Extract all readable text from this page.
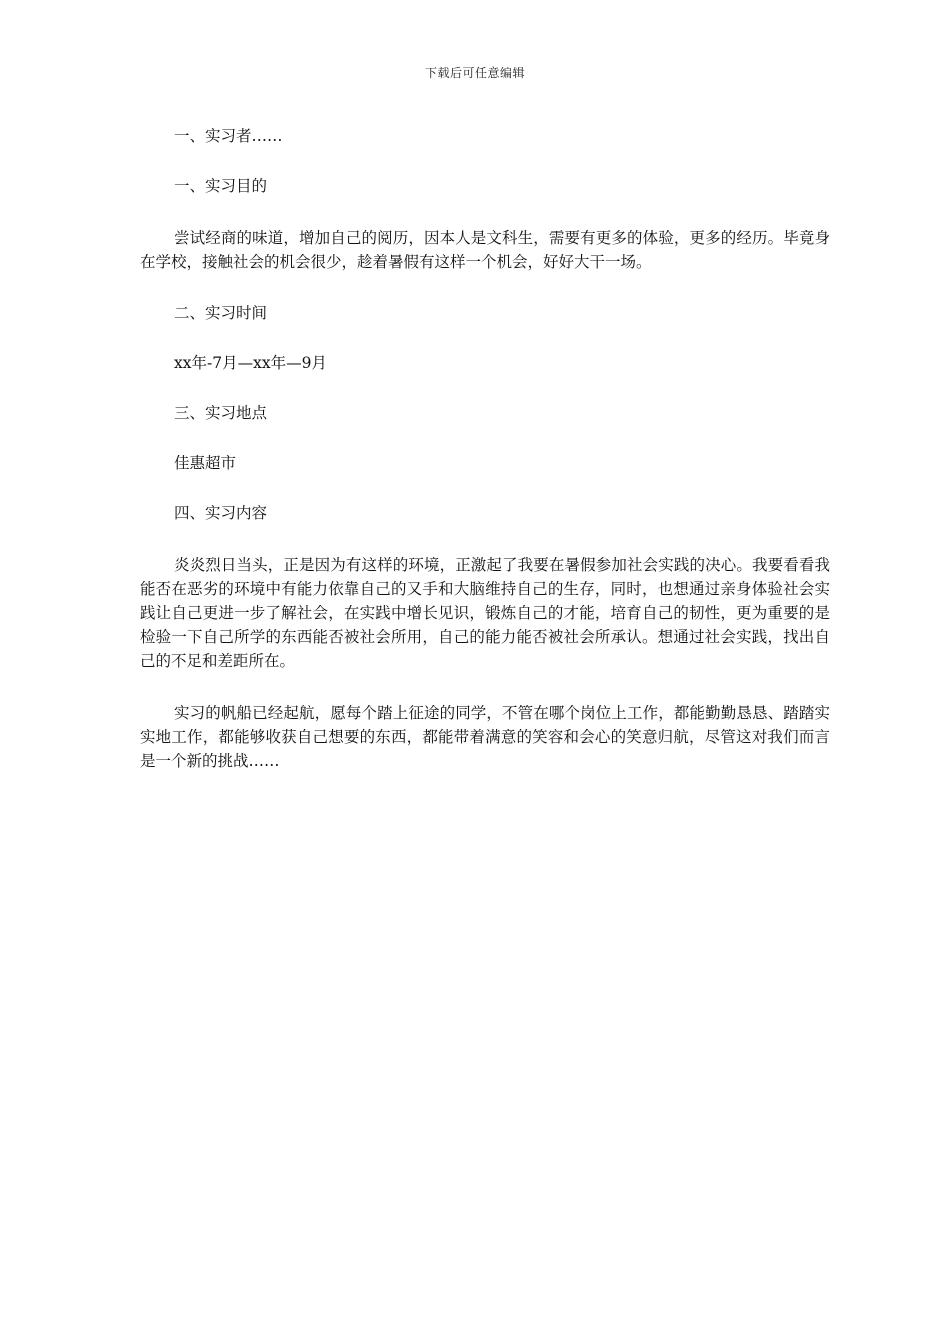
下载后可任意编辑

一、实习者……

一、实习目的

尝试经商的味道，增加自己的阅历，因本人是文科生，需要有更多的体验，更多的经历。毕竟身在学校，接触社会的机会很少，趁着暑假有这样一个机会，好好大干一场。

二、实习时间

xx年-7月—xx年—9月

三、实习地点

佳惠超市

四、实习内容

炎炎烈日当头，正是因为有这样的环境，正激起了我要在暑假参加社会实践的决心。我要看看我能否在恶劣的环境中有能力依靠自己的又手和大脑维持自己的生存，同时，也想通过亲身体验社会实践让自己更进一步了解社会，在实践中增长见识，锻炼自己的才能，培育自己的韧性，更为重要的是检验一下自己所学的东西能否被社会所用，自己的能力能否被社会所承认。想通过社会实践，找出自己的不足和差距所在。

实习的帆船已经起航，愿每个踏上征途的同学，不管在哪个岗位上工作，都能勤勤恳恳、踏踏实实地工作，都能够收获自己想要的东西，都能带着满意的笑容和会心的笑意归航，尽管这对我们而言是一个新的挑战……
